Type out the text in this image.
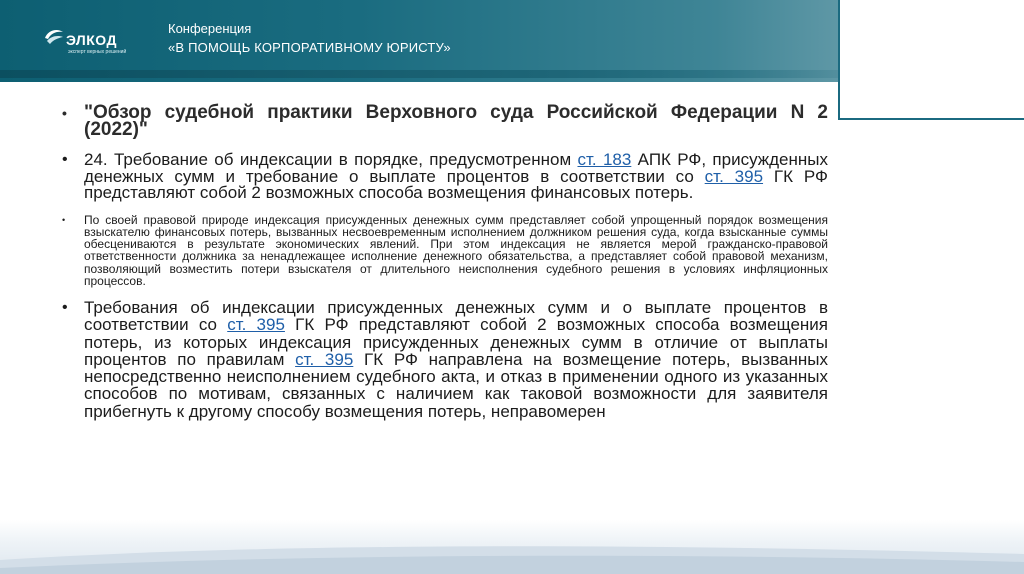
ЭЛКОД
эксперт верных решений
Конференция
«В ПОМОЩЬ КОРПОРАТИВНОМУ ЮРИСТУ»
• "Обзор судебной практики Верховного суда Российской Федерации N 2 (2022)"
• 24. Требование об индексации в порядке, предусмотренном ст. 183 АПК РФ, присужденных денежных сумм и требование о выплате процентов в соответствии со ст. 395 ГК РФ представляют собой 2 возможных способа возмещения финансовых потерь.
• По своей правовой природе индексация присужденных денежных сумм представляет собой упрощенный порядок возмещения взыскателю финансовых потерь, вызванных несвоевременным исполнением должником решения суда, когда взысканные суммы обесцениваются в результате экономических явлений. При этом индексация не является мерой гражданско-правовой ответственности должника за ненадлежащее исполнение денежного обязательства, а представляет собой правовой механизм, позволяющий возместить потери взыскателя от длительного неисполнения судебного решения в условиях инфляционных процессов.
• Требования об индексации присужденных денежных сумм и о выплате процентов в соответствии со ст. 395 ГК РФ представляют собой 2 возможных способа возмещения потерь, из которых индексация присужденных денежных сумм в отличие от выплаты процентов по правилам ст. 395 ГК РФ направлена на возмещение потерь, вызванных непосредственно неисполнением судебного акта, и отказ в применении одного из указанных способов по мотивам, связанных с наличием как таковой возможности для заявителя прибегнуть к другому способу возмещения потерь, неправомерен
